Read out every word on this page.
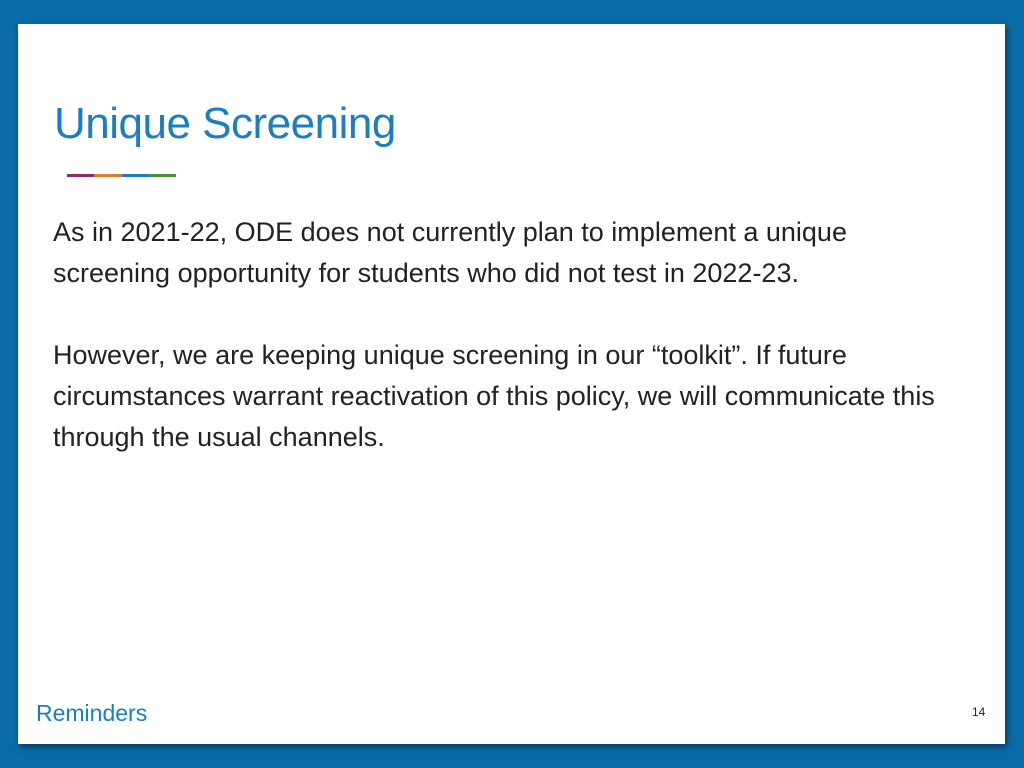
Unique Screening

As in 2021-22, ODE does not currently plan to implement a unique screening opportunity for students who did not test in 2022-23.

However, we are keeping unique screening in our “toolkit”. If future circumstances warrant reactivation of this policy, we will communicate this through the usual channels.

Reminders	14
